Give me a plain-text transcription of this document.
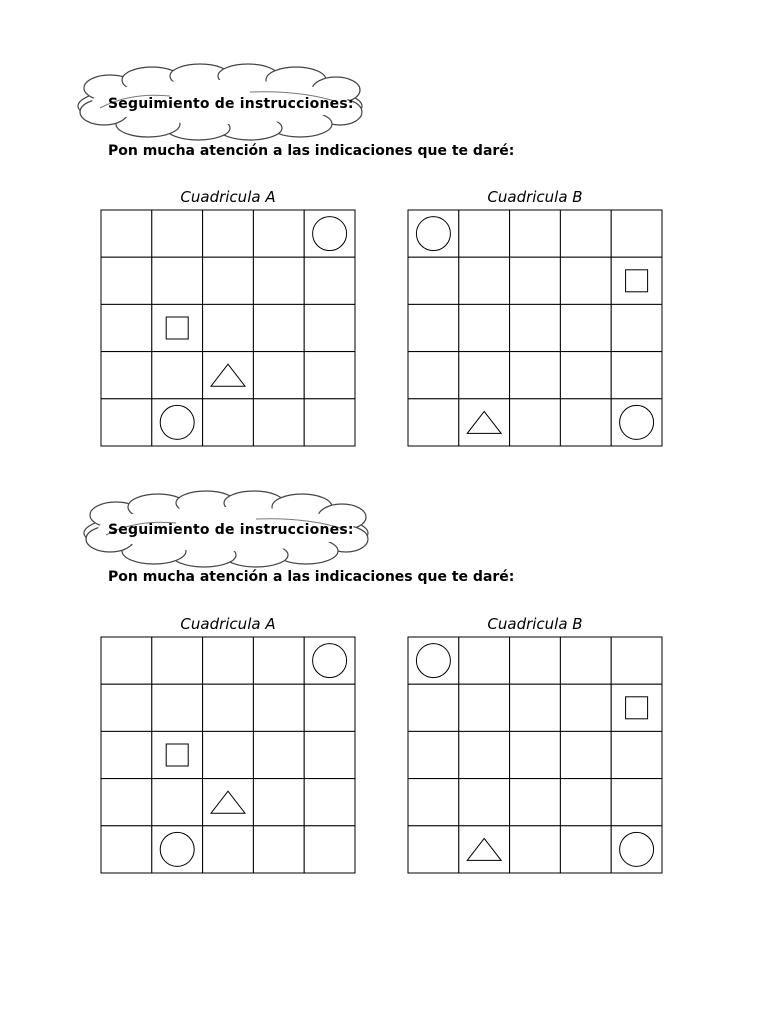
Seguimiento de instrucciones:
Pon mucha atención a las indicaciones que te daré:
Cuadricula A	Cuadricula B
Seguimiento de instrucciones:
Pon mucha atención a las indicaciones que te daré:
Cuadricula A	Cuadricula B
